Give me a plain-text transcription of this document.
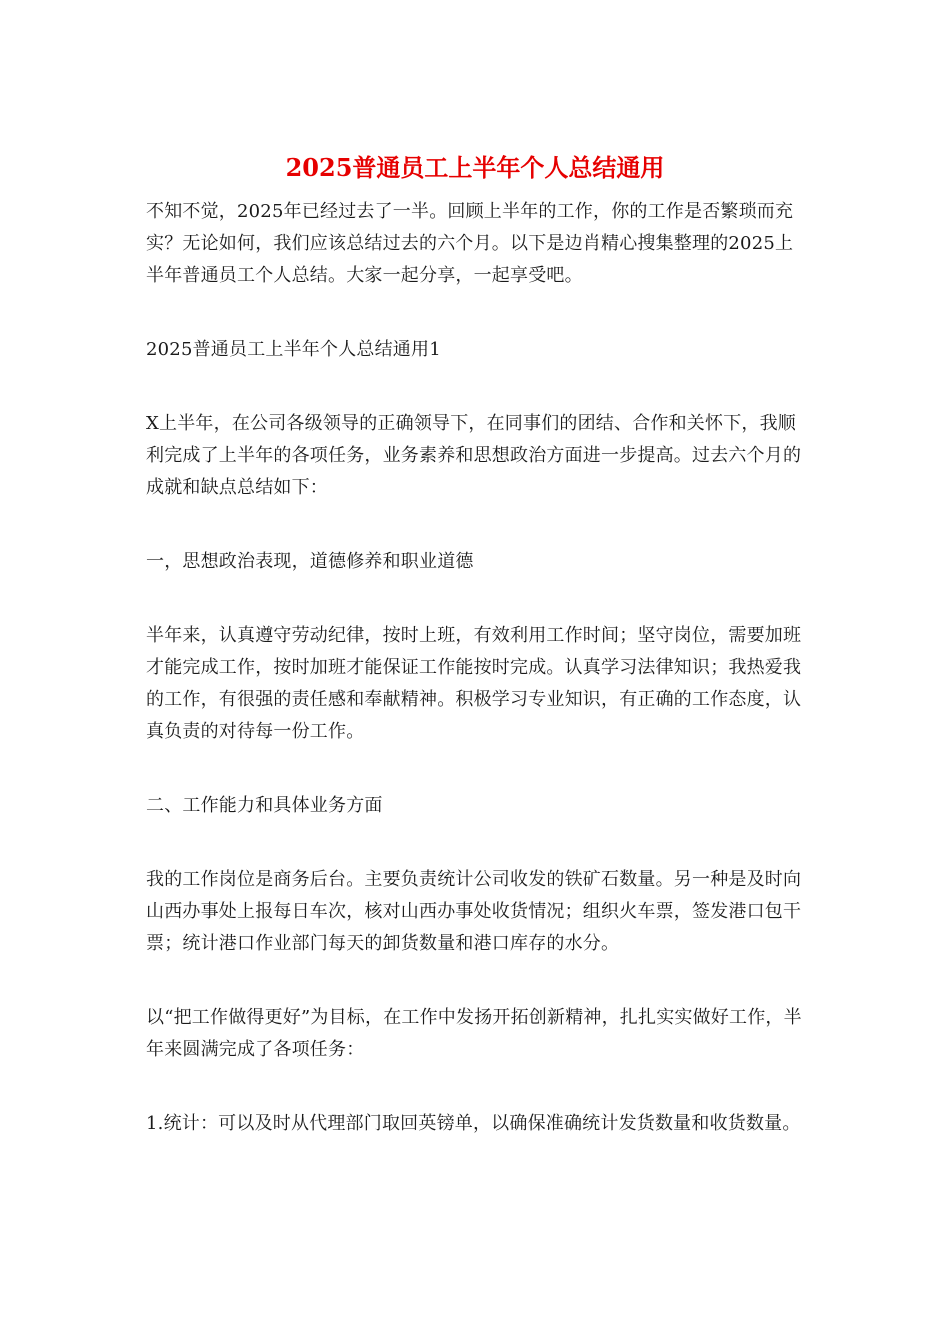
2025普通员工上半年个人总结通用

不知不觉，2025年已经过去了一半。回顾上半年的工作，你的工作是否繁琐而充实？无论如何，我们应该总结过去的六个月。以下是边肖精心搜集整理的2025上半年普通员工个人总结。大家一起分享，一起享受吧。

2025普通员工上半年个人总结通用1

X上半年，在公司各级领导的正确领导下，在同事们的团结、合作和关怀下，我顺利完成了上半年的各项任务，业务素养和思想政治方面进一步提高。过去六个月的成就和缺点总结如下：

一，思想政治表现，道德修养和职业道德

半年来，认真遵守劳动纪律，按时上班，有效利用工作时间；坚守岗位，需要加班才能完成工作，按时加班才能保证工作能按时完成。认真学习法律知识；我热爱我的工作，有很强的责任感和奉献精神。积极学习专业知识，有正确的工作态度，认真负责的对待每一份工作。

二、工作能力和具体业务方面

我的工作岗位是商务后台。主要负责统计公司收发的铁矿石数量。另一种是及时向山西办事处上报每日车次，核对山西办事处收货情况；组织火车票，签发港口包干票；统计港口作业部门每天的卸货数量和港口库存的水分。

以“把工作做得更好”为目标，在工作中发扬开拓创新精神，扎扎实实做好工作，半年来圆满完成了各项任务：

1.统计：可以及时从代理部门取回英镑单，以确保准确统计发货数量和收货数量。
